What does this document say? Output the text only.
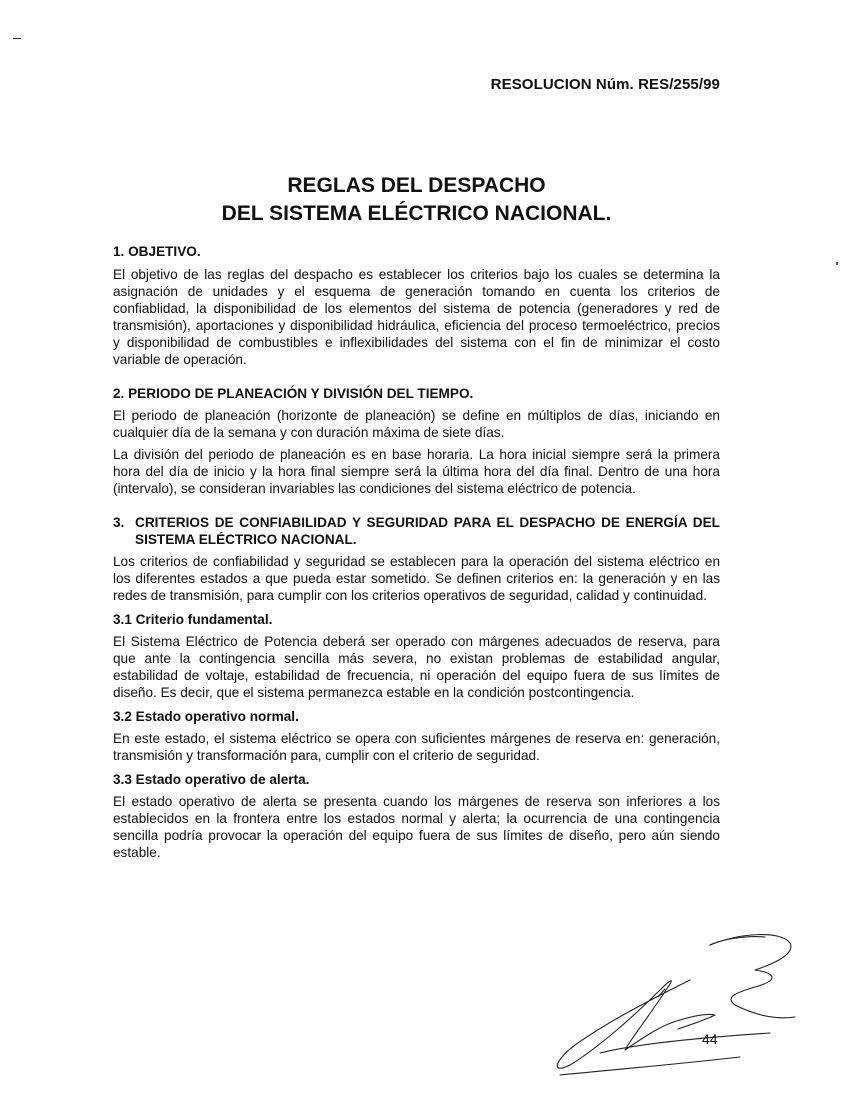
RESOLUCION Núm. RES/255/99
REGLAS DEL DESPACHO
DEL SISTEMA ELÉCTRICO NACIONAL.
1. OBJETIVO.

El objetivo de las reglas del despacho es establecer los criterios bajo los cuales se determina la asignación de unidades y el esquema de generación tomando en cuenta los criterios de confiablidad, la disponibilidad de los elementos del sistema de potencia (generadores y red de transmisión), aportaciones y disponibilidad hidráulica, eficiencia del proceso termoeléctrico, precios y disponibilidad de combustibles e inflexibilidades del sistema con el fin de minimizar el costo variable de operación.

2. PERIODO DE PLANEACIÓN Y DIVISIÓN DEL TIEMPO.

El periodo de planeación (horizonte de planeación) se define en múltiplos de días, iniciando en cualquier día de la semana y con duración máxima de siete días.

La división del periodo de planeación es en base horaria. La hora inicial siempre será la primera hora del día de inicio y la hora final siempre será la última hora del día final. Dentro de una hora (intervalo), se consideran invariables las condiciones del sistema eléctrico de potencia.

3. CRITERIOS DE CONFIABILIDAD Y SEGURIDAD PARA EL DESPACHO DE ENERGÍA DEL SISTEMA ELÉCTRICO NACIONAL.

Los criterios de confiabilidad y seguridad se establecen para la operación del sistema eléctrico en los diferentes estados a que pueda estar sometido. Se definen criterios en: la generación y en las redes de transmisión, para cumplir con los criterios operativos de seguridad, calidad y continuidad.

3.1 Criterio fundamental.

El Sistema Eléctrico de Potencia deberá ser operado con márgenes adecuados de reserva, para que ante la contingencia sencilla más severa, no existan problemas de estabilidad angular, estabilidad de voltaje, estabilidad de frecuencia, ni operación del equipo fuera de sus límites de diseño. Es decir, que el sistema permanezca estable en la condición postcontingencia.

3.2 Estado operativo normal.

En este estado, el sistema eléctrico se opera con suficientes márgenes de reserva en: generación, transmisión y transformación para, cumplir con el criterio de seguridad.

3.3 Estado operativo de alerta.

El estado operativo de alerta se presenta cuando los márgenes de reserva son inferiores a los establecidos en la frontera entre los estados normal y alerta; la ocurrencia de una contingencia sencilla podría provocar la operación del equipo fuera de sus límites de diseño, pero aún siendo estable.

44
